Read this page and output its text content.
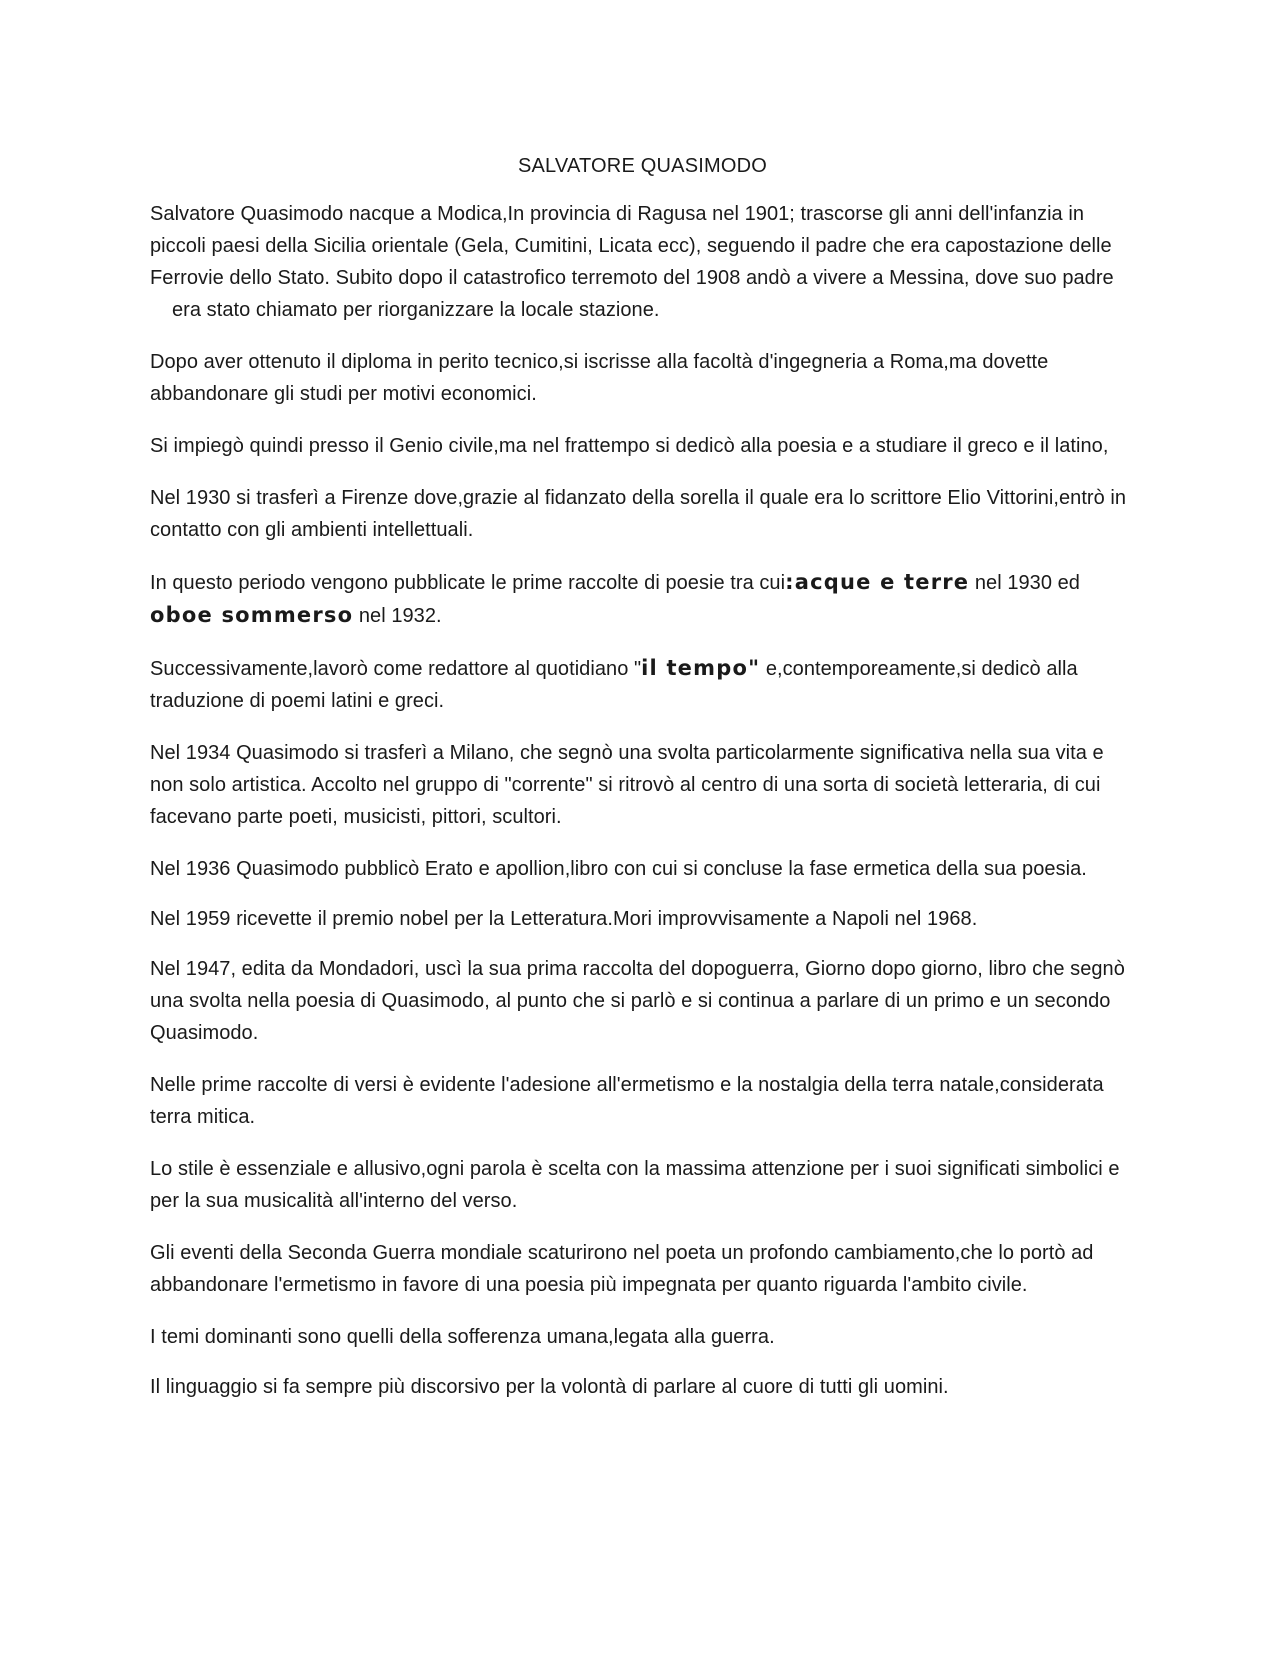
SALVATORE QUASIMODO

Salvatore Quasimodo nacque a Modica,In provincia di Ragusa nel 1901; trascorse gli anni dell'infanzia in piccoli paesi della Sicilia orientale (Gela, Cumitini, Licata ecc), seguendo il padre che era capostazione delle Ferrovie dello Stato. Subito dopo il catastrofico terremoto del 1908 andò a vivere a Messina, dove suo padreera stato chiamato per riorganizzare la locale stazione.

Dopo aver ottenuto il diploma in perito tecnico,si iscrisse alla facoltà d'ingegneria a Roma,ma dovette abbandonare gli studi per motivi economici.

Si impiegò quindi presso il Genio civile,ma nel frattempo si dedicò alla poesia e a studiare il greco e il latino,

Nel 1930 si trasferì a Firenze dove,grazie al fidanzato della sorella il quale era lo scrittore Elio Vittorini,entrò in contatto con gli ambienti intellettuali.

In questo periodo vengono pubblicate le prime raccolte di poesie tra cui:acque e terre nel 1930 ed oboe sommerso nel 1932.

Successivamente,lavorò come redattore al quotidiano "il tempo" e,contemporeamente,si dedicò alla traduzione di poemi latini e greci.

Nel 1934 Quasimodo si trasferì a Milano, che segnò una svolta particolarmente significativa nella sua vita e non solo artistica. Accolto nel gruppo di "corrente" si ritrovò al centro di una sorta di società letteraria, di cui facevano parte poeti, musicisti, pittori, scultori.

Nel 1936 Quasimodo pubblicò Erato e apollion,libro con cui si concluse la fase ermetica della sua poesia.

Nel 1959 ricevette il premio nobel per la Letteratura.Mori improvvisamente a Napoli nel 1968.

Nel 1947, edita da Mondadori, uscì la sua prima raccolta del dopoguerra, Giorno dopo giorno, libro che segnò una svolta nella poesia di Quasimodo, al punto che si parlò e si continua a parlare di un primo e un secondo Quasimodo.

Nelle prime raccolte di versi è evidente l'adesione all'ermetismo e la nostalgia della terra natale,considerata terra mitica.

Lo stile è essenziale e allusivo,ogni parola è scelta con la massima attenzione per i suoi significati simbolici e per la sua musicalità all'interno del verso.

Gli eventi della Seconda Guerra mondiale scaturirono nel poeta un profondo cambiamento,che lo portò ad abbandonare l'ermetismo in favore di una poesia più impegnata per quanto riguarda l'ambito civile.

I temi dominanti sono quelli della sofferenza umana,legata alla guerra.

Il linguaggio si fa sempre più discorsivo per la volontà di parlare al cuore di tutti gli uomini.
